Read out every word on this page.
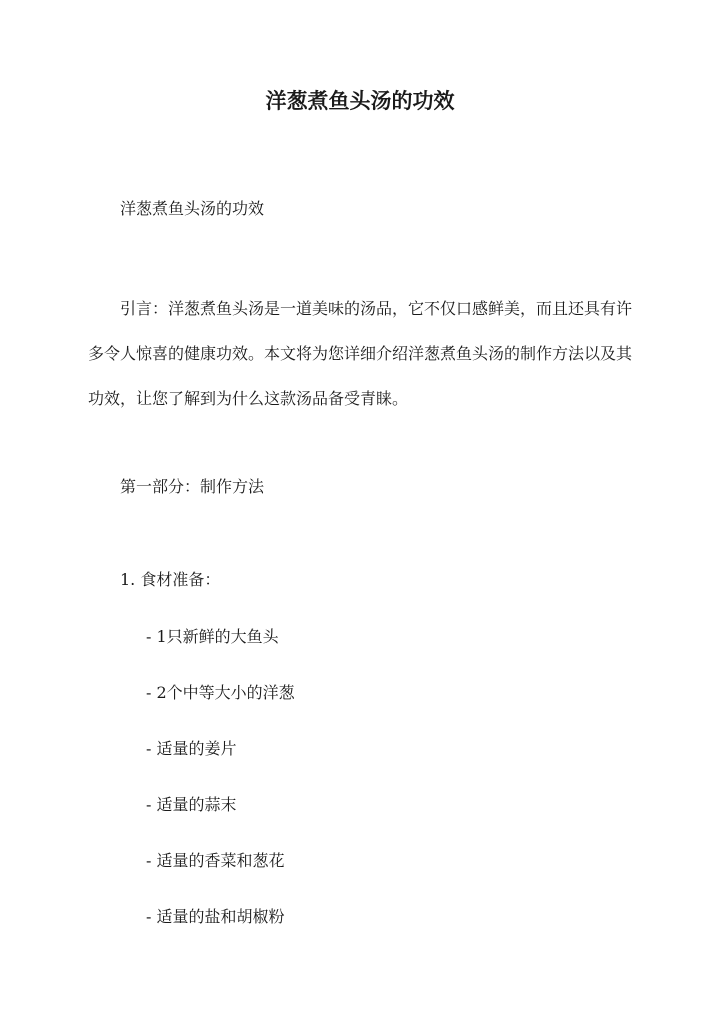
洋葱煮鱼头汤的功效

洋葱煮鱼头汤的功效

引言：洋葱煮鱼头汤是一道美味的汤品，它不仅口感鲜美，而且还具有许多令人惊喜的健康功效。本文将为您详细介绍洋葱煮鱼头汤的制作方法以及其功效，让您了解到为什么这款汤品备受青睐。

第一部分：制作方法

1. 食材准备：

- 1只新鲜的大鱼头

- 2个中等大小的洋葱

- 适量的姜片

- 适量的蒜末

- 适量的香菜和葱花

- 适量的盐和胡椒粉
